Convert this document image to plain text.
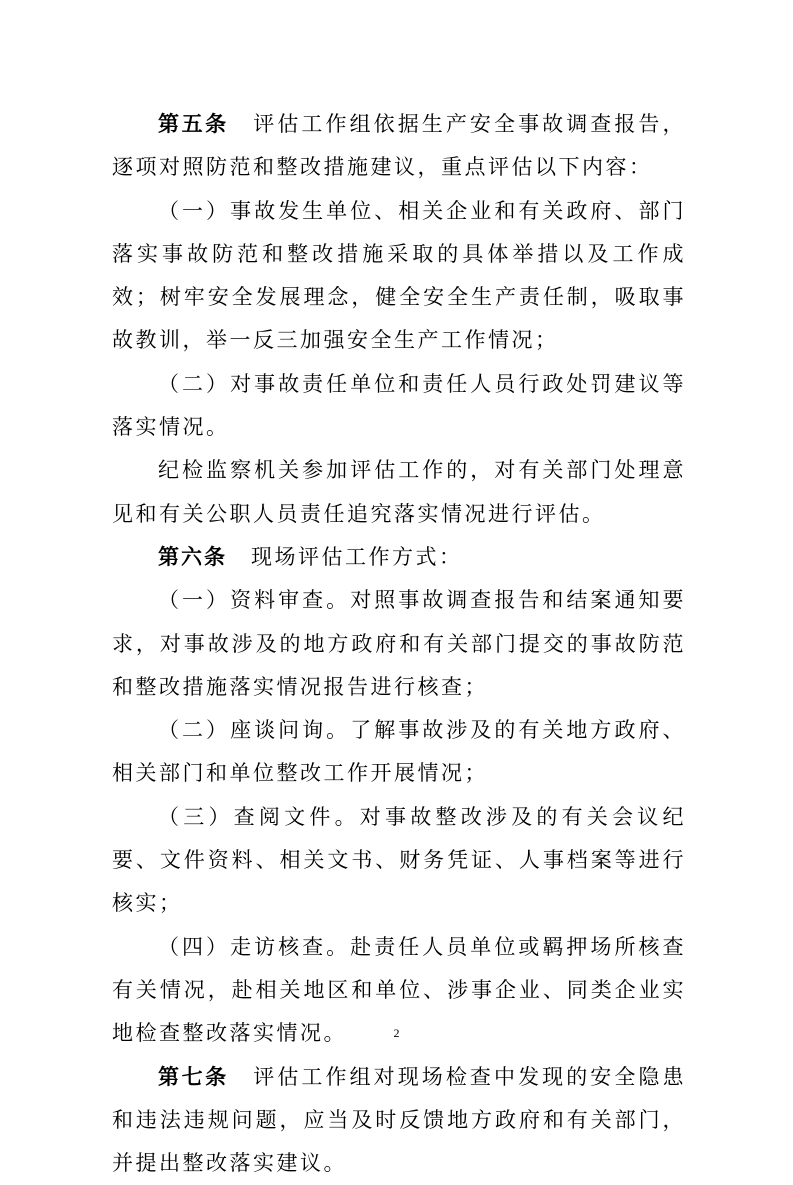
第五条 评估工作组依据生产安全事故调查报告，逐项对照防范和整改措施建议，重点评估以下内容：

（一）事故发生单位、相关企业和有关政府、部门落实事故防范和整改措施采取的具体举措以及工作成效；树牢安全发展理念，健全安全生产责任制，吸取事故教训，举一反三加强安全生产工作情况；

（二）对事故责任单位和责任人员行政处罚建议等落实情况。

纪检监察机关参加评估工作的，对有关部门处理意见和有关公职人员责任追究落实情况进行评估。

第六条 现场评估工作方式：

（一）资料审查。对照事故调查报告和结案通知要求，对事故涉及的地方政府和有关部门提交的事故防范和整改措施落实情况报告进行核查；

（二）座谈问询。了解事故涉及的有关地方政府、相关部门和单位整改工作开展情况；

（三）查阅文件。对事故整改涉及的有关会议纪要、文件资料、相关文书、财务凭证、人事档案等进行核实；

（四）走访核查。赴责任人员单位或羁押场所核查有关情况，赴相关地区和单位、涉事企业、同类企业实地检查整改落实情况。

第七条 评估工作组对现场检查中发现的安全隐患和违法违规问题，应当及时反馈地方政府和有关部门，并提出整改落实建议。

2
